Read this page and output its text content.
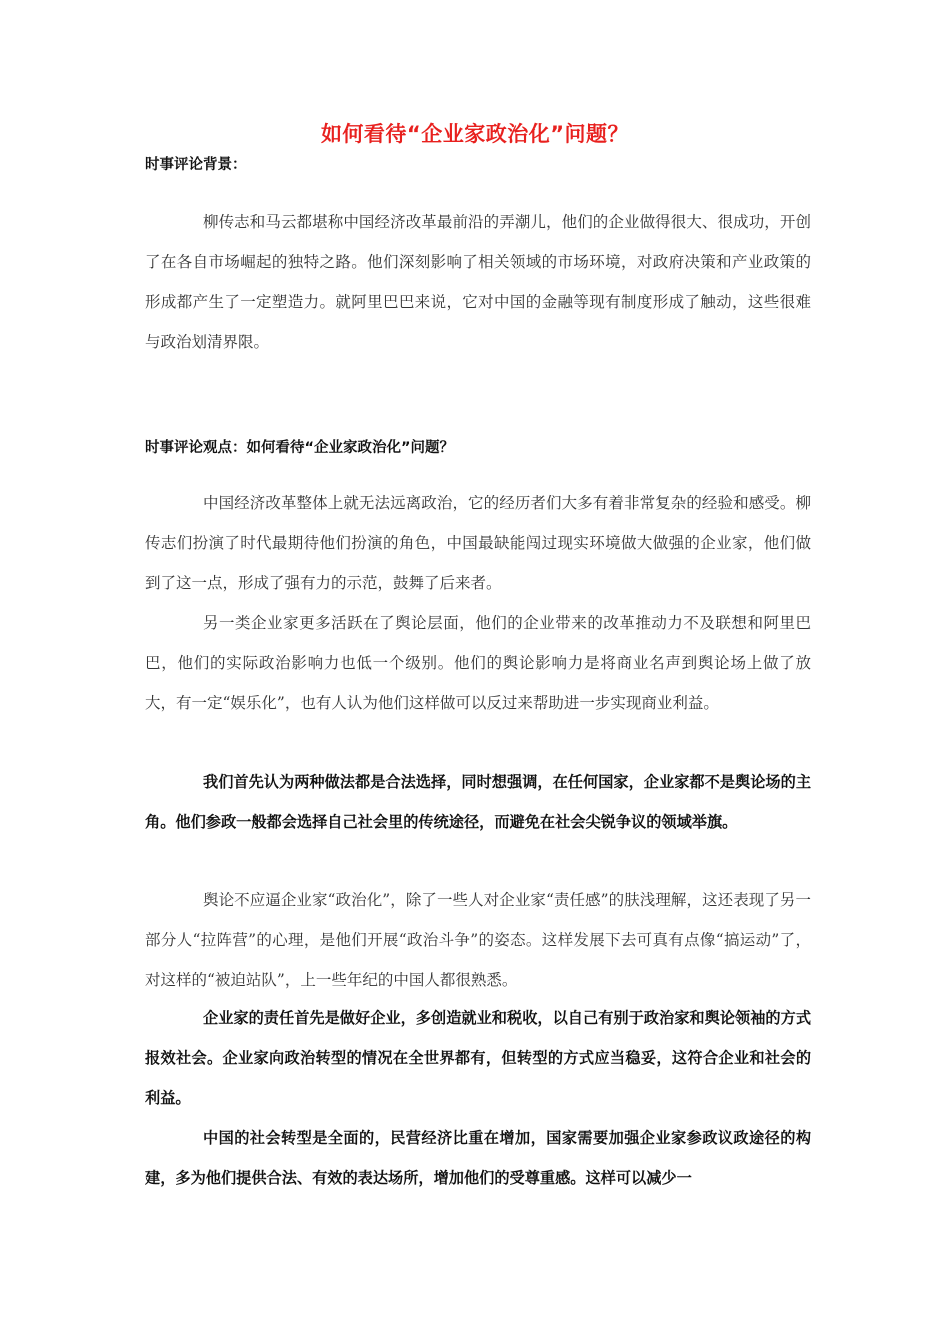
如何看待“企业家政治化”问题？
时事评论背景：

柳传志和马云都堪称中国经济改革最前沿的弄潮儿，他们的企业做得很大、很成功，开创了在各自市场崛起的独特之路。他们深刻影响了相关领域的市场环境，对政府决策和产业政策的形成都产生了一定塑造力。就阿里巴巴来说，它对中国的金融等现有制度形成了触动，这些很难与政治划清界限。

时事评论观点：如何看待“企业家政治化”问题？

中国经济改革整体上就无法远离政治，它的经历者们大多有着非常复杂的经验和感受。柳传志们扮演了时代最期待他们扮演的角色，中国最缺能闯过现实环境做大做强的企业家，他们做到了这一点，形成了强有力的示范，鼓舞了后来者。

另一类企业家更多活跃在了舆论层面，他们的企业带来的改革推动力不及联想和阿里巴巴，他们的实际政治影响力也低一个级别。他们的舆论影响力是将商业名声到舆论场上做了放大，有一定“娱乐化”，也有人认为他们这样做可以反过来帮助进一步实现商业利益。

我们首先认为两种做法都是合法选择，同时想强调，在任何国家，企业家都不是舆论场的主角。他们参政一般都会选择自己社会里的传统途径，而避免在社会尖锐争议的领域举旗。

舆论不应逼企业家“政治化”，除了一些人对企业家“责任感”的肤浅理解，这还表现了另一部分人“拉阵营”的心理，是他们开展“政治斗争”的姿态。这样发展下去可真有点像“搞运动”了，对这样的“被迫站队”，上一些年纪的中国人都很熟悉。

企业家的责任首先是做好企业，多创造就业和税收，以自己有别于政治家和舆论领袖的方式报效社会。企业家向政治转型的情况在全世界都有，但转型的方式应当稳妥，这符合企业和社会的利益。

中国的社会转型是全面的，民营经济比重在增加，国家需要加强企业家参政议政途径的构建，多为他们提供合法、有效的表达场所，增加他们的受尊重感。这样可以减少一
